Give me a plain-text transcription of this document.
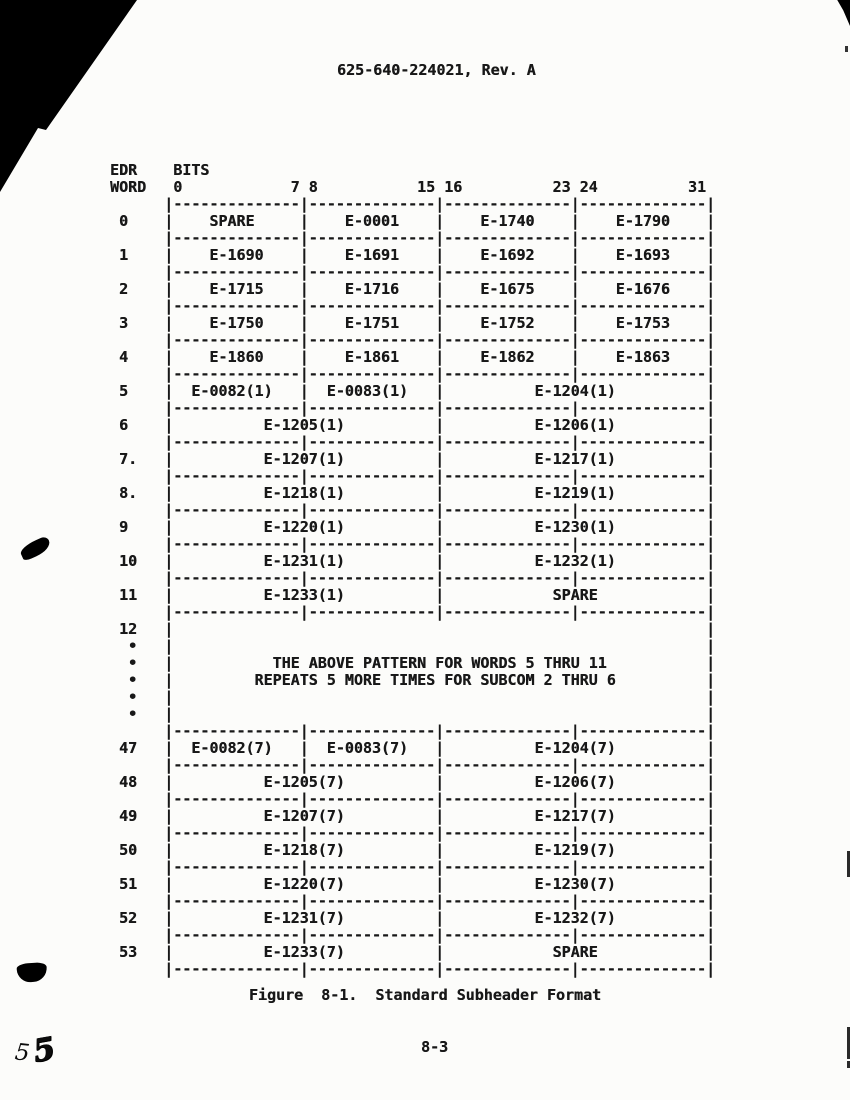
625-640-224021, Rev. A
EDR    BITS
WORD   0            7 8           15 16          23 24          31
|--------------|--------------|--------------|--------------|
0    |    SPARE     |    E-0001    |    E-1740    |    E-1790    |
|--------------|--------------|--------------|--------------|
1    |    E-1690    |    E-1691    |    E-1692    |    E-1693    |
|--------------|--------------|--------------|--------------|
2    |    E-1715    |    E-1716    |    E-1675    |    E-1676    |
|--------------|--------------|--------------|--------------|
3    |    E-1750    |    E-1751    |    E-1752    |    E-1753    |
|--------------|--------------|--------------|--------------|
4    |    E-1860    |    E-1861    |    E-1862    |    E-1863    |
|--------------|--------------|--------------|--------------|
5    |  E-0082(1)   |  E-0083(1)   |          E-1204(1)          |
|--------------|--------------|--------------|--------------|
6    |          E-1205(1)          |          E-1206(1)          |
|--------------|--------------|--------------|--------------|
7.   |          E-1207(1)          |          E-1217(1)          |
|--------------|--------------|--------------|--------------|
8.   |          E-1218(1)          |          E-1219(1)          |
|--------------|--------------|--------------|--------------|
9    |          E-1220(1)          |          E-1230(1)          |
|--------------|--------------|--------------|--------------|
10   |          E-1231(1)          |          E-1232(1)          |
|--------------|--------------|--------------|--------------|
11   |          E-1233(1)          |            SPARE            |
|--------------|--------------|--------------|--------------|
12   |                                                           |
•   |	|
•   |           THE ABOVE PATTERN FOR WORDS 5 THRU 11           |
•   |         REPEATS 5 MORE TIMES FOR SUBCOM 2 THRU 6          |
•   |	|
•   |	|
|--------------|--------------|--------------|--------------|
47   |  E-0082(7)   |  E-0083(7)   |          E-1204(7)          |
|--------------|--------------|--------------|--------------|
48   |          E-1205(7)          |          E-1206(7)          |
|--------------|--------------|--------------|--------------|
49   |          E-1207(7)          |          E-1217(7)          |
|--------------|--------------|--------------|--------------|
50   |          E-1218(7)          |          E-1219(7)          |
|--------------|--------------|--------------|--------------|
51   |          E-1220(7)          |          E-1230(7)          |
|--------------|--------------|--------------|--------------|
52   |          E-1231(7)          |          E-1232(7)          |
|--------------|--------------|--------------|--------------|
53   |          E-1233(7)          |            SPARE            |
|--------------|--------------|--------------|--------------|
Figure  8-1.  Standard Subheader Format
8-3
55
